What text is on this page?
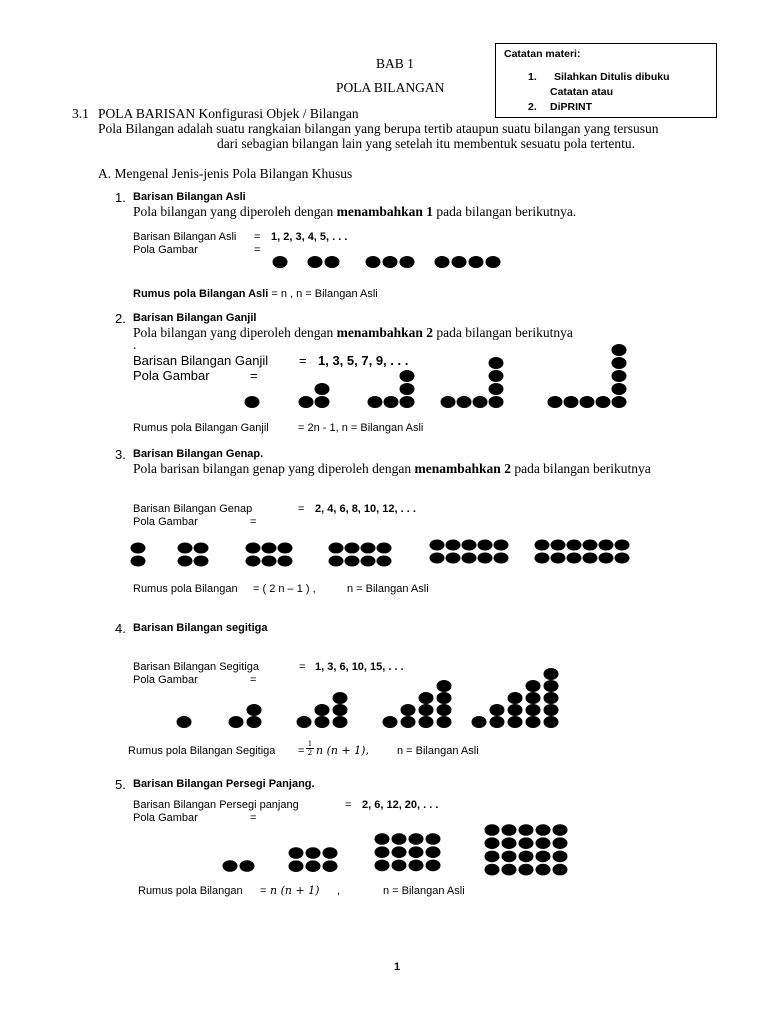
Catatan materi:
1. Silahkan Ditulis dibuku
Catatan atau
2. DiPRINT
BAB 1
POLA BILANGAN
3.1 POLA BARISAN Konfigurasi Objek / Bilangan
Pola Bilangan adalah suatu rangkaian bilangan yang berupa tertib ataupun suatu bilangan yang tersusun
dari sebagian bilangan lain yang setelah itu membentuk sesuatu pola tertentu.
A. Mengenal Jenis-jenis Pola Bilangan Khusus
1. Barisan Bilangan Asli
Pola bilangan yang diperoleh dengan menambahkan 1 pada bilangan berikutnya.
Barisan Bilangan Asli = 1, 2, 3, 4, 5, . . .
Pola Gambar	=
Rumus pola Bilangan Asli = n , n = Bilangan Asli
2. Barisan Bilangan Ganjil
Pola bilangan yang diperoleh dengan menambahkan 2 pada bilangan berikutnya
.
Barisan Bilangan Ganjil = 1, 3, 5, 7, 9, . . .
Pola Gambar	=
Rumus pola Bilangan Ganjil	= 2n - 1, n = Bilangan Asli
3. Barisan Bilangan Genap.
Pola barisan bilangan genap yang diperoleh dengan menambahkan 2 pada bilangan berikutnya
Barisan Bilangan Genap	= 2, 4, 6, 8, 10, 12, . . .
Pola Gambar	=
Rumus pola Bilangan = ( 2 n – 1 ) ,	n = Bilangan Asli
4. Barisan Bilangan segitiga
Barisan Bilangan Segitiga	= 1, 3, 6, 10, 15, . . .
Pola Gambar	=
Rumus pola Bilangan Segitiga = $\frac{1}{2}$ n (n + 1),	n = Bilangan Asli
5. Barisan Bilangan Persegi Panjang.
Barisan Bilangan Persegi panjang	= 2, 6, 12, 20, . . .
Pola Gambar	=
Rumus pola Bilangan = n (n + 1) ,	n = Bilangan Asli
1
